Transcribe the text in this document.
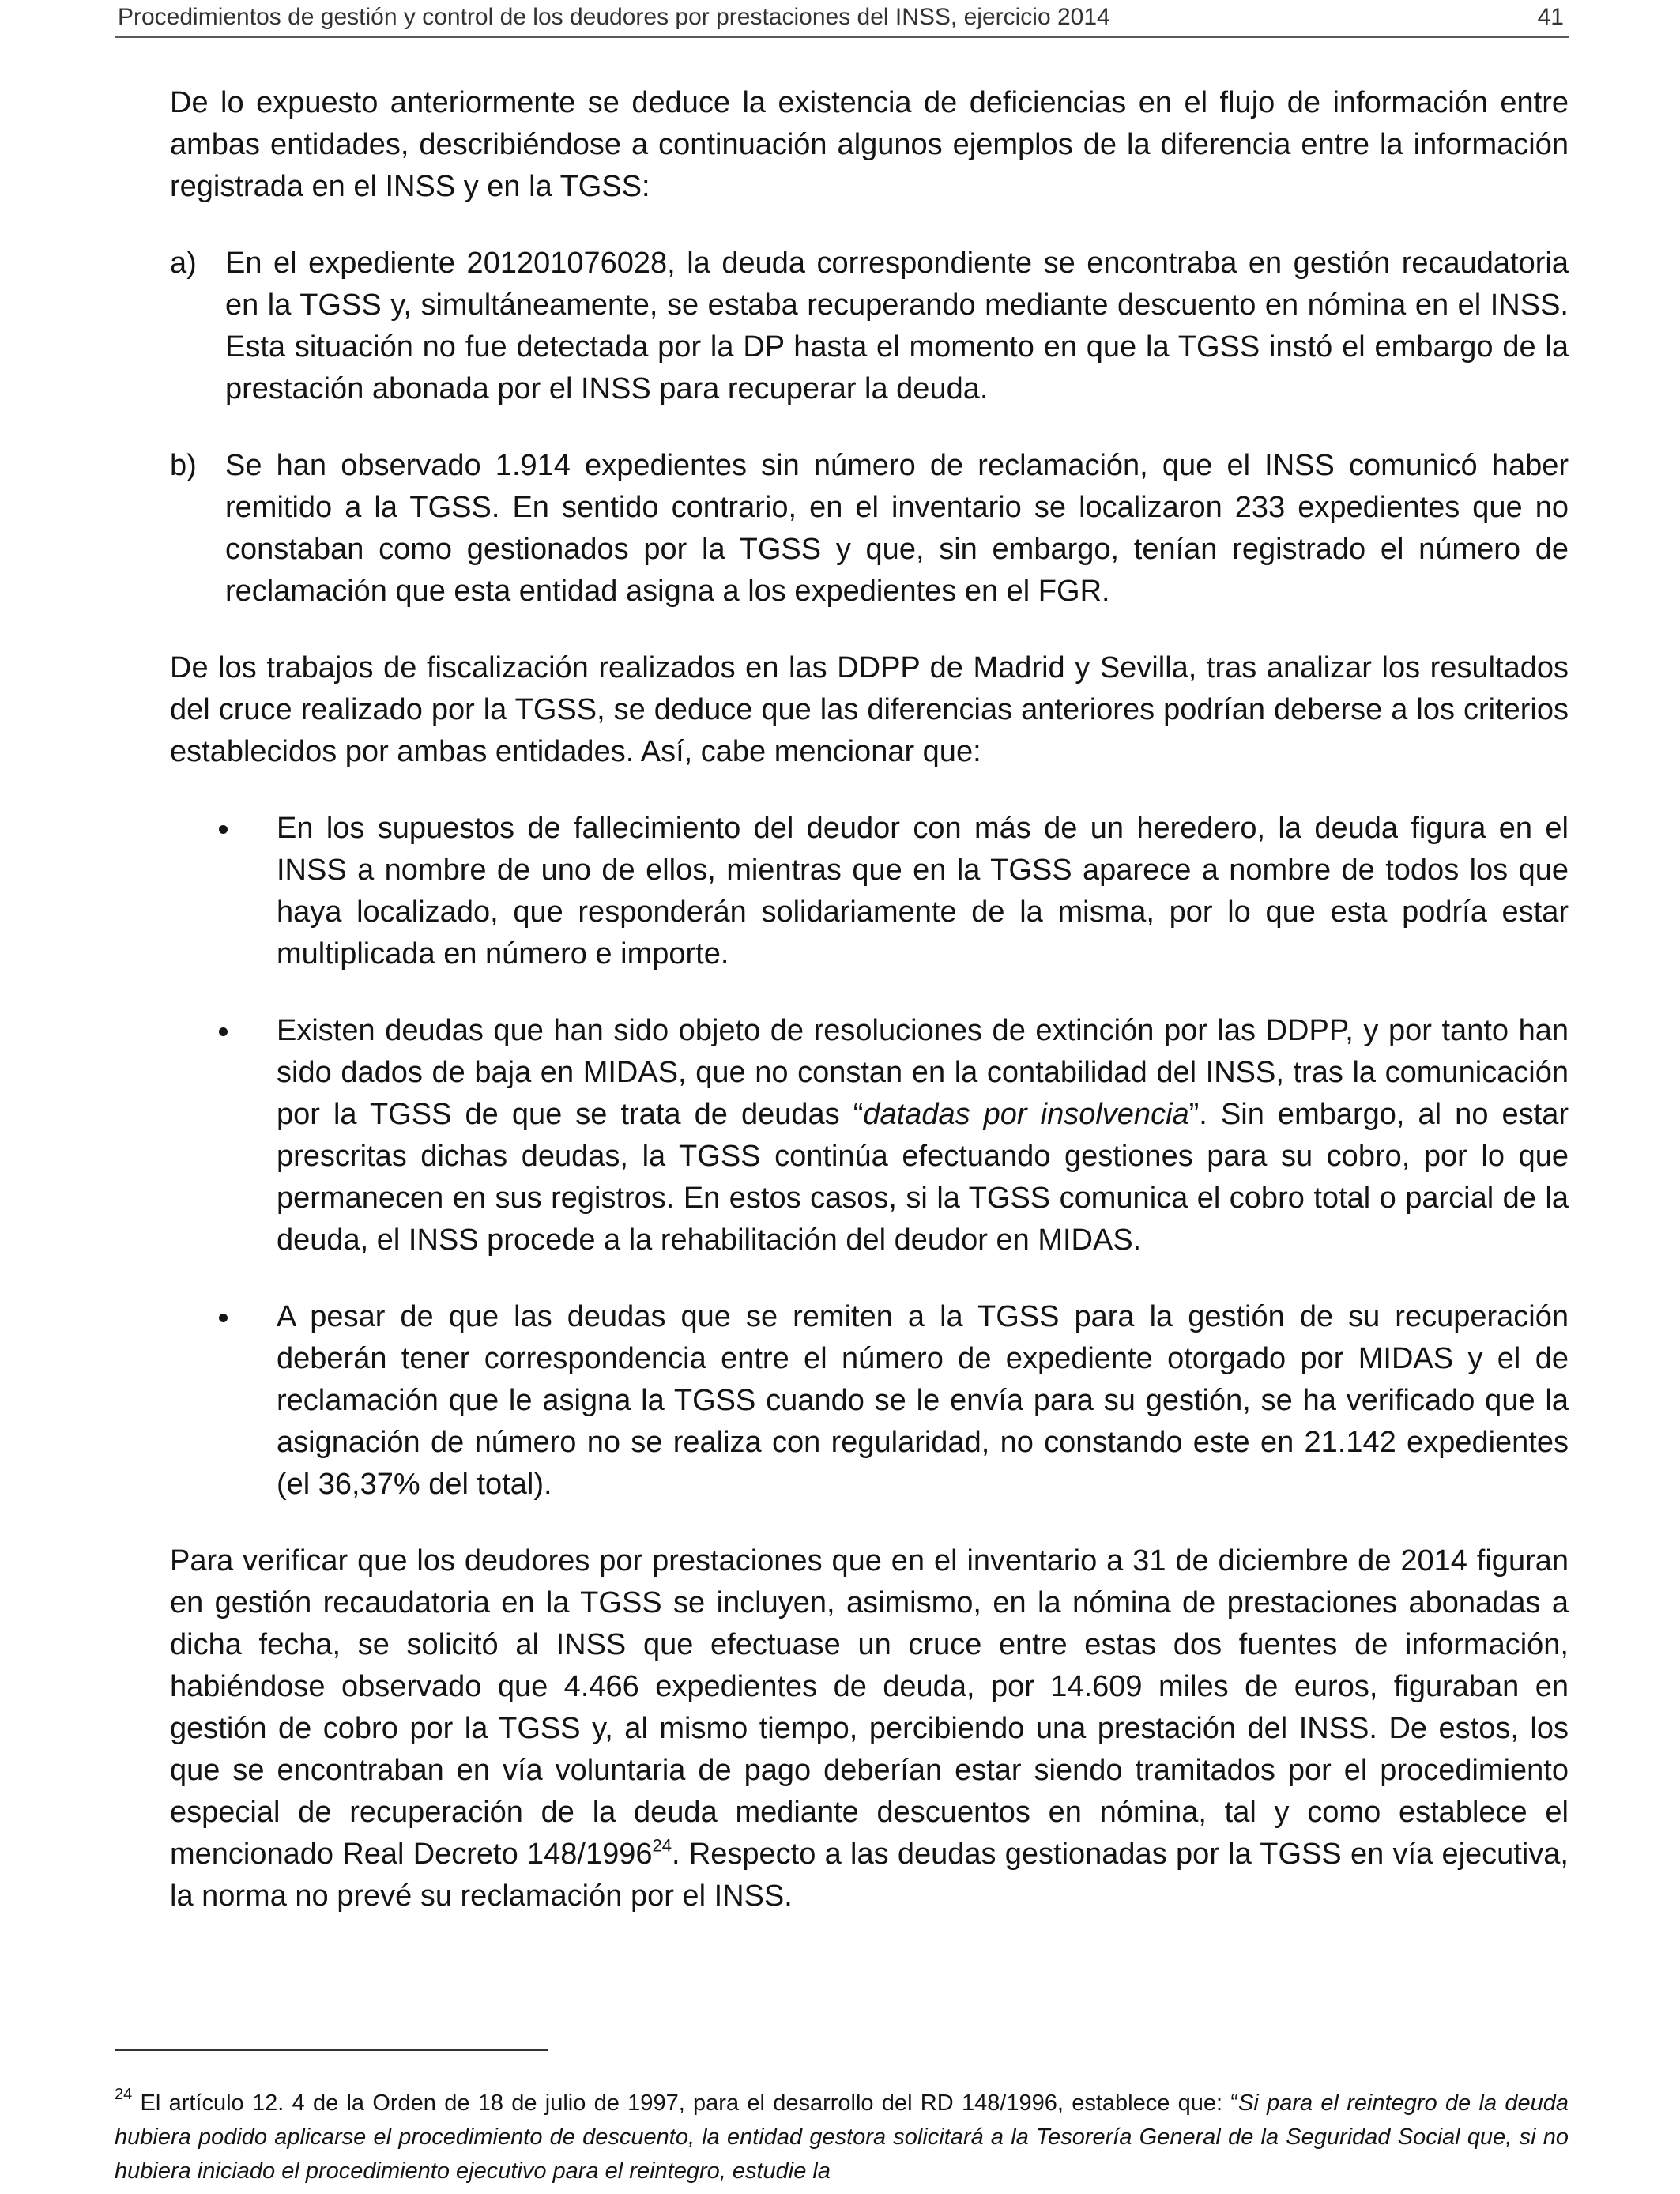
Procedimientos de gestión y control de los deudores por prestaciones del INSS, ejercicio 2014	41

De lo expuesto anteriormente se deduce la existencia de deficiencias en el flujo de información entre ambas entidades, describiéndose a continuación algunos ejemplos de la diferencia entre la información registrada en el INSS y en la TGSS:

a) En el expediente 201201076028, la deuda correspondiente se encontraba en gestión recaudatoria en la TGSS y, simultáneamente, se estaba recuperando mediante descuento en nómina en el INSS. Esta situación no fue detectada por la DP hasta el momento en que la TGSS instó el embargo de la prestación abonada por el INSS para recuperar la deuda.
b) Se han observado 1.914 expedientes sin número de reclamación, que el INSS comunicó haber remitido a la TGSS. En sentido contrario, en el inventario se localizaron 233 expedientes que no constaban como gestionados por la TGSS y que, sin embargo, tenían registrado el número de reclamación que esta entidad asigna a los expedientes en el FGR.

De los trabajos de fiscalización realizados en las DDPP de Madrid y Sevilla, tras analizar los resultados del cruce realizado por la TGSS, se deduce que las diferencias anteriores podrían deberse a los criterios establecidos por ambas entidades. Así, cabe mencionar que:

En los supuestos de fallecimiento del deudor con más de un heredero, la deuda figura en el INSS a nombre de uno de ellos, mientras que en la TGSS aparece a nombre de todos los que haya localizado, que responderán solidariamente de la misma, por lo que esta podría estar multiplicada en número e importe.
Existen deudas que han sido objeto de resoluciones de extinción por las DDPP, y por tanto han sido dados de baja en MIDAS, que no constan en la contabilidad del INSS, tras la comunicación por la TGSS de que se trata de deudas “datadas por insolvencia”. Sin embargo, al no estar prescritas dichas deudas, la TGSS continúa efectuando gestiones para su cobro, por lo que permanecen en sus registros. En estos casos, si la TGSS comunica el cobro total o parcial de la deuda, el INSS procede a la rehabilitación del deudor en MIDAS.
A pesar de que las deudas que se remiten a la TGSS para la gestión de su recuperación deberán tener correspondencia entre el número de expediente otorgado por MIDAS y el de reclamación que le asigna la TGSS cuando se le envía para su gestión, se ha verificado que la asignación de número no se realiza con regularidad, no constando este en 21.142 expedientes (el 36,37% del total).

Para verificar que los deudores por prestaciones que en el inventario a 31 de diciembre de 2014 figuran en gestión recaudatoria en la TGSS se incluyen, asimismo, en la nómina de prestaciones abonadas a dicha fecha, se solicitó al INSS que efectuase un cruce entre estas dos fuentes de información, habiéndose observado que 4.466 expedientes de deuda, por 14.609 miles de euros, figuraban en gestión de cobro por la TGSS y, al mismo tiempo, percibiendo una prestación del INSS. De estos, los que se encontraban en vía voluntaria de pago deberían estar siendo tramitados por el procedimiento especial de recuperación de la deuda mediante descuentos en nómina, tal y como establece el mencionado Real Decreto 148/1996$^{24}$. Respecto a las deudas gestionadas por la TGSS en vía ejecutiva, la norma no prevé su reclamación por el INSS.

$^{24}$ El artículo 12. 4 de la Orden de 18 de julio de 1997, para el desarrollo del RD 148/1996, establece que: “Si para el reintegro de la deuda hubiera podido aplicarse el procedimiento de descuento, la entidad gestora solicitará a la Tesorería General de la Seguridad Social que, si no hubiera iniciado el procedimiento ejecutivo para el reintegro, estudie la
